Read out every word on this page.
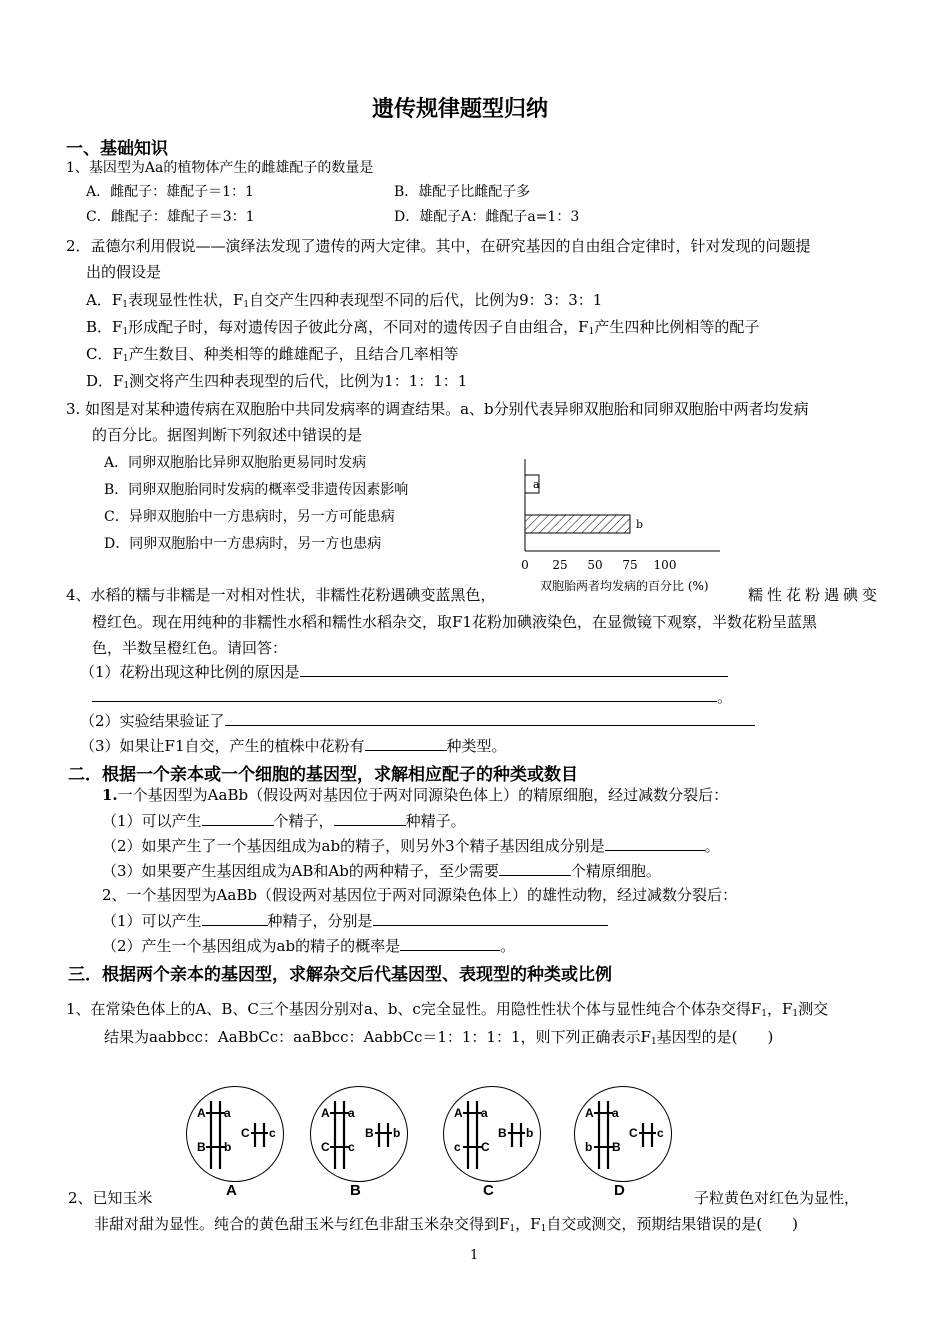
遗传规律题型归纳
一、基础知识
1、基因型为Aa的植物体产生的雌雄配子的数量是
A．雌配子：雄配子＝1：1	B．雄配子比雌配子多
C．雌配子：雄配子＝3：1	D．雄配子A：雌配子a=1：3
2．孟德尔利用假说——演绎法发现了遗传的两大定律。其中，在研究基因的自由组合定律时，针对发现的问题提
出的假设是
A．$F_1$表现显性性状，$F_1$自交产生四种表现型不同的后代，比例为9：3：3：1
B．$F_1$形成配子时，每对遗传因子彼此分离，不同对的遗传因子自由组合，$F_1$产生四种比例相等的配子
C．$F_1$产生数目、种类相等的雌雄配子，且结合几率相等
D．$F_1$测交将产生四种表现型的后代，比例为1：1：1：1
3. 如图是对某种遗传病在双胞胎中共同发病率的调查结果。a、b分别代表异卵双胞胎和同卵双胞胎中两者均发病
的百分比。据图判断下列叙述中错误的是
A．同卵双胞胎比异卵双胞胎更易同时发病
B．同卵双胞胎同时发病的概率受非遗传因素影响
C．异卵双胞胎中一方患病时，另一方可能患病
D．同卵双胞胎中一方患病时，另一方也患病
a
b
0 25 50 75 100
双胞胎两者均发病的百分比 (%)
4、水稻的糯与非糯是一对相对性状，非糯性花粉遇碘变蓝黑色，	糯性花粉遇碘变
橙红色。现在用纯种的非糯性水稻和糯性水稻杂交，取F1花粉加碘液染色，在显微镜下观察，半数花粉呈蓝黑
色，半数呈橙红色。请回答：
（1）花粉出现这种比例的原因是
。
（2）实验结果验证了
（3）如果让F1自交，产生的植株中花粉有	种类型。
二．根据一个亲本或一个细胞的基因型，求解相应配子的种类或数目
1.一个基因型为AaBb（假设两对基因位于两对同源染色体上）的精原细胞，经过减数分裂后：
（1）可以产生	个精子，	种精子。
（2）如果产生了一个基因组成为ab的精子，则另外3个精子基因组成分别是	。
（3）如果要产生基因组成为AB和Ab的两种精子，至少需要	个精原细胞。
2、一个基因型为AaBb（假设两对基因位于两对同源染色体上）的雄性动物，经过减数分裂后：
（1）可以产生	种精子，分别是
（2）产生一个基因组成为ab的精子的概率是	。
三．根据两个亲本的基因型，求解杂交后代基因型、表现型的种类或比例
1、在常染色体上的A、B、C三个基因分别对a、b、c完全显性。用隐性性状个体与显性纯合个体杂交得$F_1$，$F_1$测交
结果为aabbcc：AaBbCc：aaBbcc：AabbCc＝1：1：1：1，则下列正确表示$F_1$基因型的是(　　)
A a
B b
C c
A
A a
C c
B b
B
A a
c C
B b
C
A a
b B
C c
D
2、已知玉米	子粒黄色对红色为显性，
非甜对甜为显性。纯合的黄色甜玉米与红色非甜玉米杂交得到$F_1$，$F_1$自交或测交，预期结果错误的是(　　)
1
